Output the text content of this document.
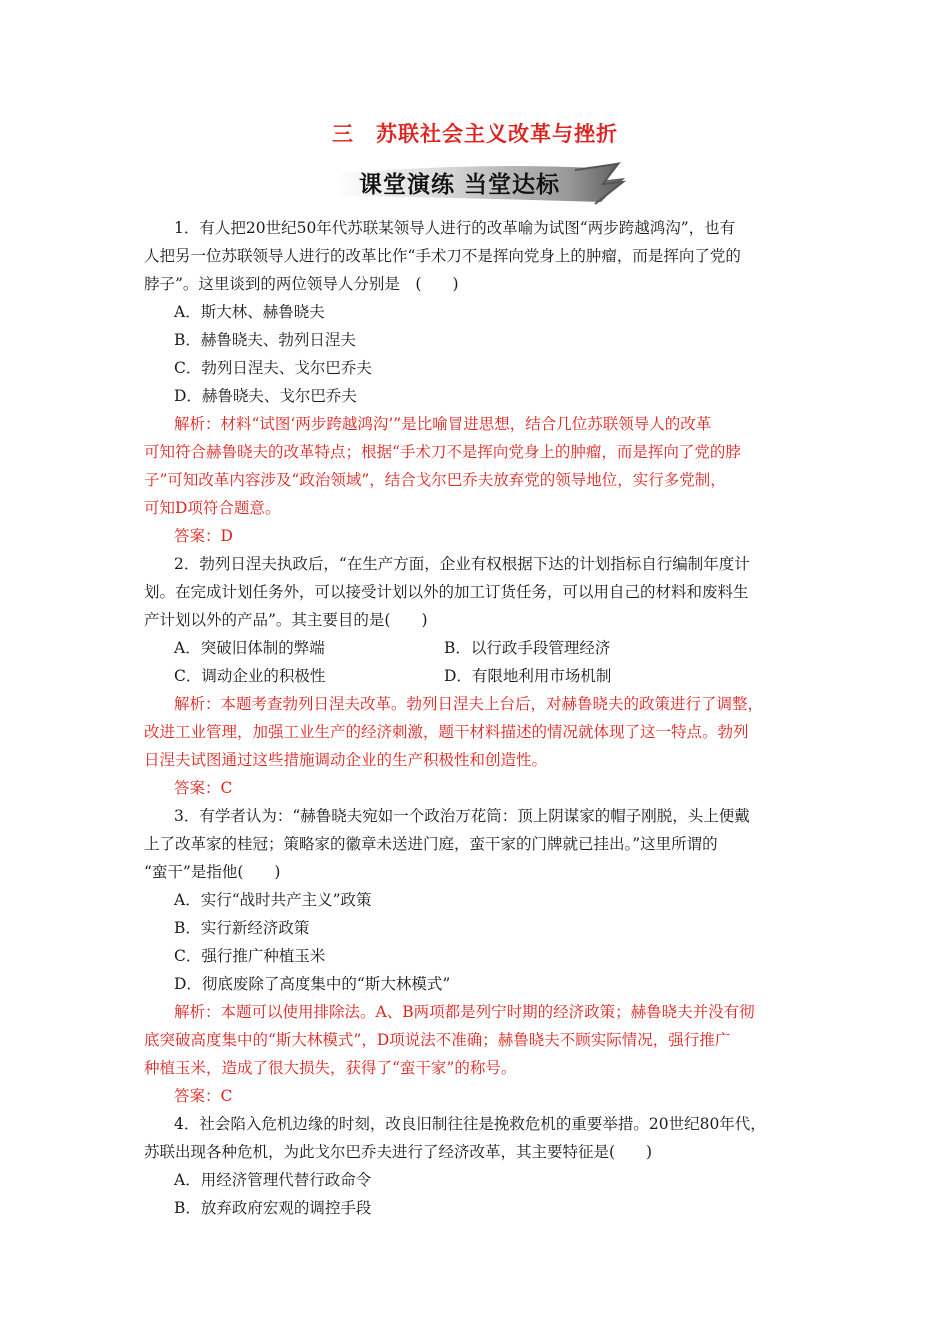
三　苏联社会主义改革与挫折
课堂演练 当堂达标
1．有人把20世纪50年代苏联某领导人进行的改革喻为试图“两步跨越鸿沟”，也有
人把另一位苏联领导人进行的改革比作“手术刀不是挥向党身上的肿瘤，而是挥向了党的
脖子”。这里谈到的两位领导人分别是　(　　)
A．斯大林、赫鲁晓夫
B．赫鲁晓夫、勃列日涅夫
C．勃列日涅夫、戈尔巴乔夫
D．赫鲁晓夫、戈尔巴乔夫
解析：材料“试图‘两步跨越鸿沟’”是比喻冒进思想，结合几位苏联领导人的改革
可知符合赫鲁晓夫的改革特点；根据“手术刀不是挥向党身上的肿瘤，而是挥向了党的脖
子”可知改革内容涉及“政治领域”，结合戈尔巴乔夫放弃党的领导地位，实行多党制，
可知D项符合题意。
答案：D
2．勃列日涅夫执政后，“在生产方面，企业有权根据下达的计划指标自行编制年度计
划。在完成计划任务外，可以接受计划以外的加工订货任务，可以用自己的材料和废料生
产计划以外的产品”。其主要目的是(　　)
A．突破旧体制的弊端	B．以行政手段管理经济
C．调动企业的积极性	D．有限地利用市场机制
解析：本题考查勃列日涅夫改革。勃列日涅夫上台后，对赫鲁晓夫的政策进行了调整，
改进工业管理，加强工业生产的经济刺激，题干材料描述的情况就体现了这一特点。勃列
日涅夫试图通过这些措施调动企业的生产积极性和创造性。
答案：C
3．有学者认为：“赫鲁晓夫宛如一个政治万花筒：顶上阴谋家的帽子刚脱，头上便戴
上了改革家的桂冠；策略家的徽章未送进门庭，蛮干家的门牌就已挂出。”这里所谓的
“蛮干”是指他(　　)
A．实行“战时共产主义”政策
B．实行新经济政策
C．强行推广种植玉米
D．彻底废除了高度集中的“斯大林模式”
解析：本题可以使用排除法。A、B两项都是列宁时期的经济政策；赫鲁晓夫并没有彻
底突破高度集中的“斯大林模式”，D项说法不准确；赫鲁晓夫不顾实际情况，强行推广
种植玉米，造成了很大损失，获得了“蛮干家”的称号。
答案：C
4．社会陷入危机边缘的时刻，改良旧制往往是挽救危机的重要举措。20世纪80年代，
苏联出现各种危机，为此戈尔巴乔夫进行了经济改革，其主要特征是(　　)
A．用经济管理代替行政命令
B．放弃政府宏观的调控手段
